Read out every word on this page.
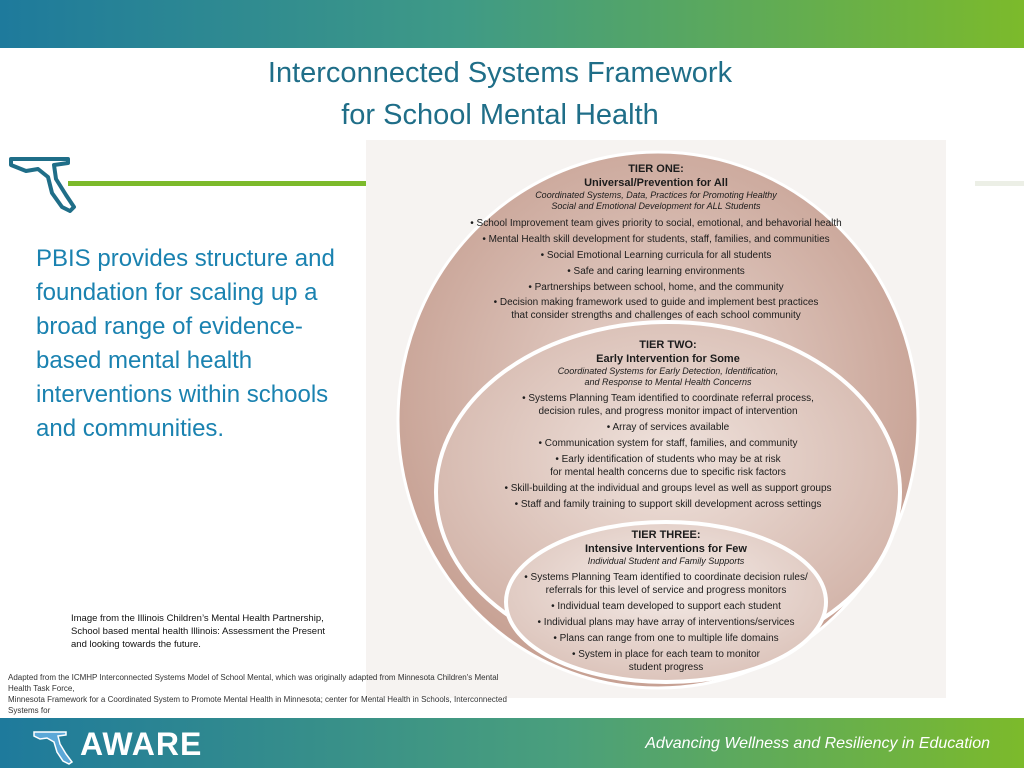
Interconnected Systems Framework
for School Mental Health

PBIS provides structure and foundation for scaling up a broad range of evidence-based mental health interventions within schools and communities.

TIER ONE:
Universal/Prevention for All
Coordinated Systems, Data, Practices for Promoting Healthy
Social and Emotional Development for ALL Students
• School Improvement team gives priority to social, emotional, and behavorial health
• Mental Health skill development for students, staff, families, and communities
• Social Emotional Learning curricula for all students
• Safe and caring learning environments
• Partnerships between school, home, and the community
• Decision making framework used to guide and implement best practices
that consider strengths and challenges of each school community
TIER TWO:
Early Intervention for Some
Coordinated Systems for Early Detection, Identification,
and Response to Mental Health Concerns
• Systems Planning Team identified to coordinate referral process,
decision rules, and progress monitor impact of intervention
• Array of services available
• Communication system for staff, families, and community
• Early identification of students who may be at risk
for mental health concerns due to specific risk factors
• Skill-building at the individual and groups level as well as support groups
• Staff and family training to support skill development across settings
TIER THREE:
Intensive Interventions for Few
Individual Student and Family Supports
• Systems Planning Team identified to coordinate decision rules/
referrals for this level of service and progress monitors
• Individual team developed to support each student
• Individual plans may have array of interventions/services
• Plans can range from one to multiple life domains
• System in place for each team to monitor
student progress
Image from the Illinois Children’s Mental Health Partnership,
School based mental health Illinois: Assessment the Present
and looking towards the future.
Adapted from the ICMHP Interconnected Systems Model of School Mental, which was originally adapted from Minnesota Children's Mental Health Task Force,
Minnesota Framework for a Coordinated System to Promote Mental Health in Minnesota; center for Mental Health in Schools, Interconnected Systems for
AWARE	Advancing Wellness and Resiliency in Education
